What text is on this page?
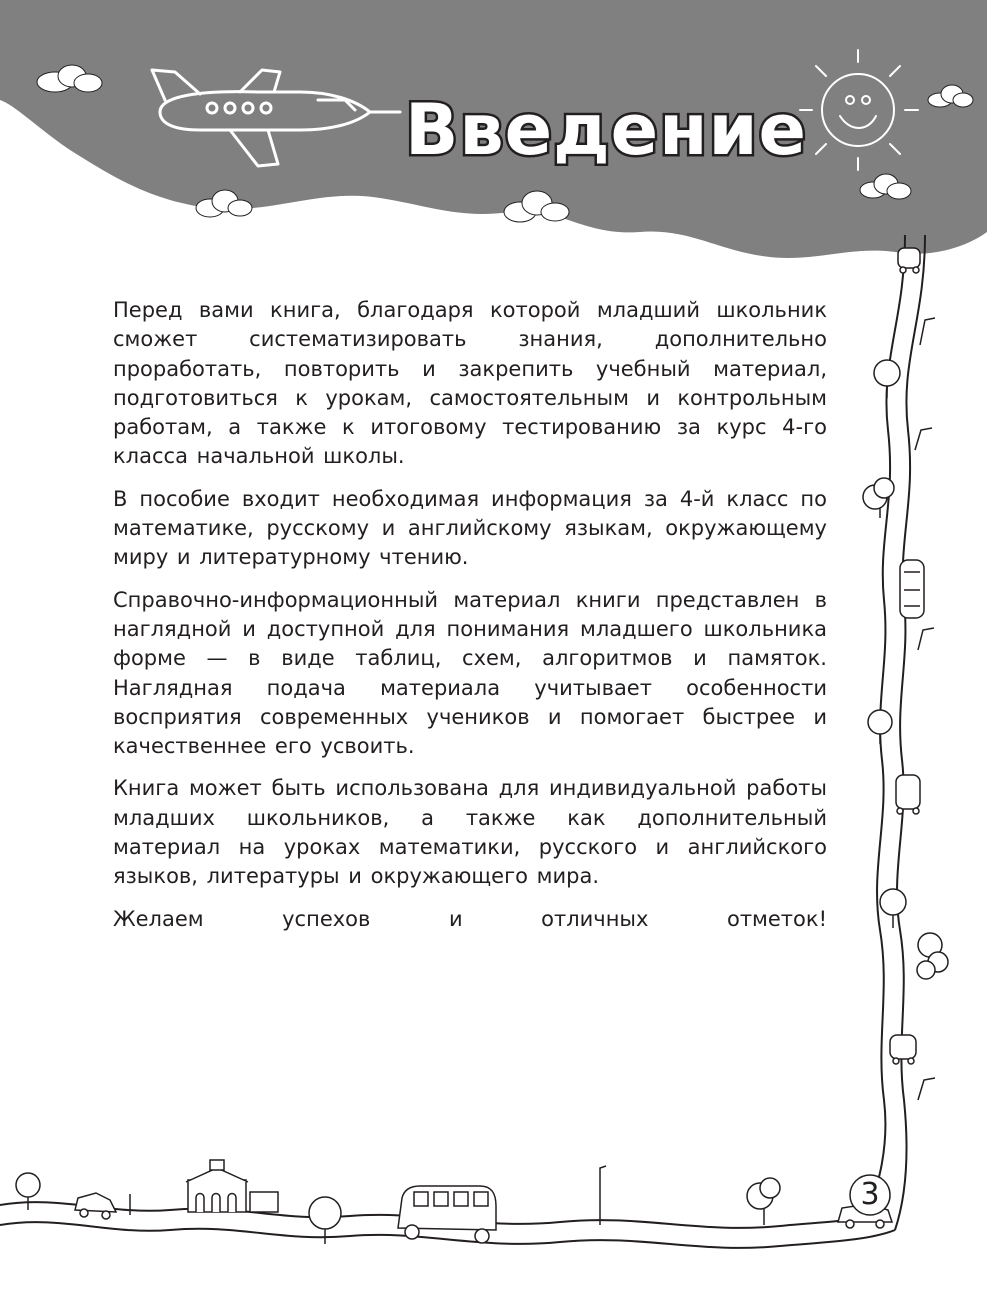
Введение

Перед вами книга, благодаря которой младший школьник сможет систематизировать знания, дополнительно проработать, повторить и закрепить учебный материал, подготовиться к урокам, самостоятельным и контрольным работам, а также к итоговому тестированию за курс 4-го класса начальной школы.

В пособие входит необходимая информация за 4-й класс по математике, русскому и английскому языкам, окружающему миру и литературному чтению.

Справочно-информационный материал книги представлен в наглядной и доступной для понимания младшего школьника форме — в виде таблиц, схем, алгоритмов и памяток. Наглядная подача материала учитывает особенности восприятия современных учеников и помогает быстрее и качественнее его усвоить.

Книга может быть использована для индивидуальной работы младших школьников, а также как дополнительный материал на уроках математики, русского и английского языков, литературы и окружающего мира.

Желаем успехов и отличных отметок!

3
